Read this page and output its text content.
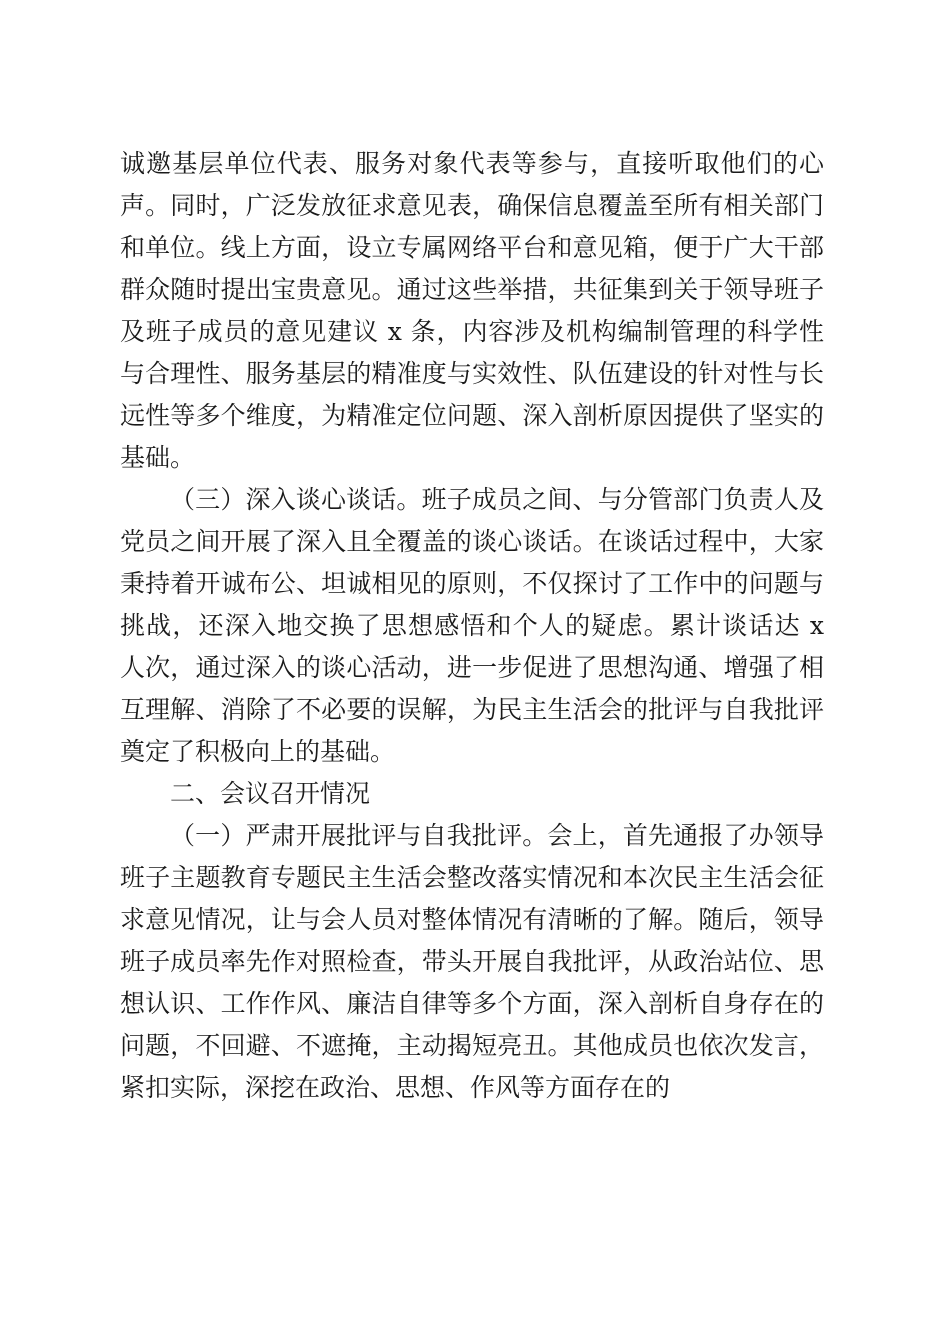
诚邀基层单位代表、服务对象代表等参与，直接听取他们的心声。同时，广泛发放征求意见表，确保信息覆盖至所有相关部门和单位。线上方面，设立专属网络平台和意见箱，便于广大干部群众随时提出宝贵意见。通过这些举措，共征集到关于领导班子及班子成员的意见建议 x 条，内容涉及机构编制管理的科学性与合理性、服务基层的精准度与实效性、队伍建设的针对性与长远性等多个维度，为精准定位问题、深入剖析原因提供了坚实的基础。

（三）深入谈心谈话。班子成员之间、与分管部门负责人及党员之间开展了深入且全覆盖的谈心谈话。在谈话过程中，大家秉持着开诚布公、坦诚相见的原则，不仅探讨了工作中的问题与挑战，还深入地交换了思想感悟和个人的疑虑。累计谈话达 x 人次，通过深入的谈心活动，进一步促进了思想沟通、增强了相互理解、消除了不必要的误解，为民主生活会的批评与自我批评奠定了积极向上的基础。

二、会议召开情况

（一）严肃开展批评与自我批评。会上，首先通报了办领导班子主题教育专题民主生活会整改落实情况和本次民主生活会征求意见情况，让与会人员对整体情况有清晰的了解。随后，领导班子成员率先作对照检查，带头开展自我批评，从政治站位、思想认识、工作作风、廉洁自律等多个方面，深入剖析自身存在的问题，不回避、不遮掩，主动揭短亮丑。其他成员也依次发言，紧扣实际，深挖在政治、思想、作风等方面存在的
